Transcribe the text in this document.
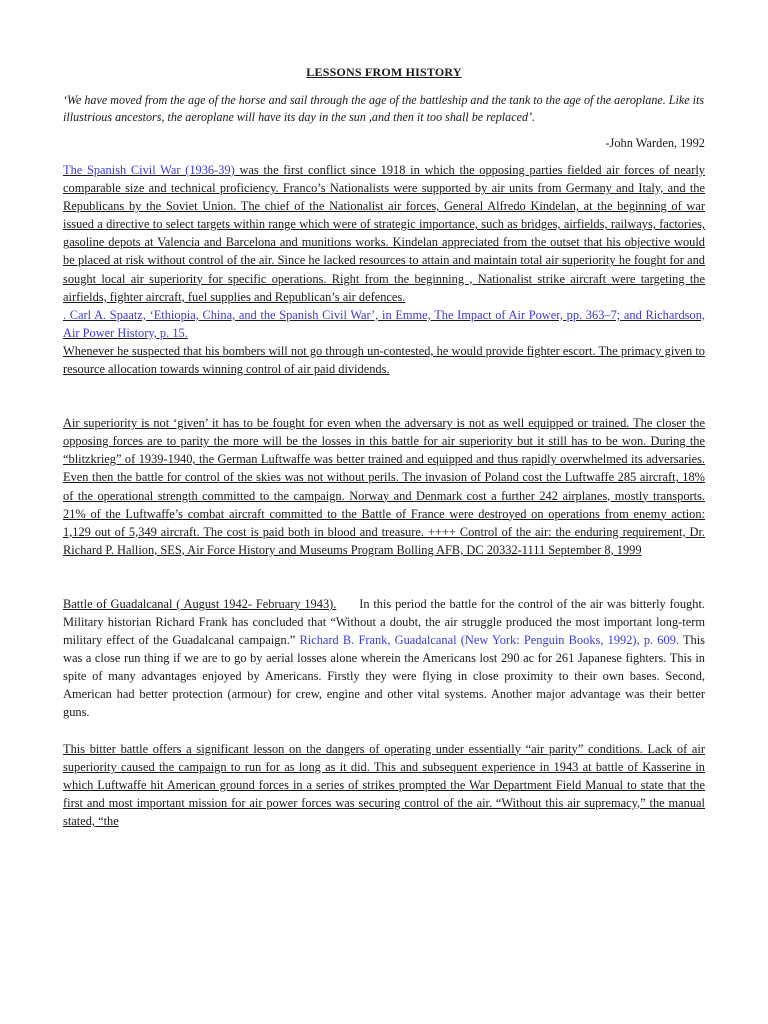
LESSONS FROM HISTORY

‘We have moved from the age of the horse and sail through the age of the battleship and the tank to the age of the aeroplane. Like its illustrious ancestors, the aeroplane will have its day in the sun ,and then it too shall be replaced’.

-John Warden, 1992

The Spanish Civil War (1936-39) was the first conflict since 1918 in which the opposing parties fielded air forces of nearly comparable size and technical proficiency. Franco’s Nationalists were supported by air units from Germany and Italy, and the Republicans by the Soviet Union. The chief of the Nationalist air forces, General Alfredo Kindelan, at the beginning of war issued a directive to select targets within range which were of strategic importance, such as bridges, airfields, railways, factories, gasoline depots at Valencia and Barcelona and munitions works. Kindelan appreciated from the outset that his objective would be placed at risk without control of the air. Since he lacked resources to attain and maintain total air superiority he fought for and sought local air superiority for specific operations. Right from the beginning , Nationalist strike aircraft were targeting the airfields, fighter aircraft, fuel supplies and Republican’s air defences.
. Carl A. Spaatz, ‘Ethiopia, China, and the Spanish Civil War’, in Emme, The Impact of Air Power, pp. 363–7; and Richardson, Air Power History, p. 15.
Whenever he suspected that his bombers will not go through un-contested, he would provide fighter escort. The primacy given to resource allocation towards winning control of air paid dividends.

Air superiority is not ‘given’ it has to be fought for even when the adversary is not as well equipped or trained. The closer the opposing forces are to parity the more will be the losses in this battle for air superiority but it still has to be won. During the “blitzkrieg” of 1939-1940, the German Luftwaffe was better trained and equipped and thus rapidly overwhelmed its adversaries. Even then the battle for control of the skies was not without perils. The invasion of Poland cost the Luftwaffe 285 aircraft, 18% of the operational strength committed to the campaign. Norway and Denmark cost a further 242 airplanes, mostly transports. 21% of the Luftwaffe’s combat aircraft committed to the Battle of France were destroyed on operations from enemy action: 1,129 out of 5,349 aircraft. The cost is paid both in blood and treasure. ++++ Control of the air: the enduring requirement, Dr. Richard P. Hallion, SES, Air Force History and Museums Program Bolling AFB, DC 20332-1111 September 8, 1999

Battle of Guadalcanal ( August 1942- February 1943).      In this period the battle for the control of the air was bitterly fought. Military historian Richard Frank has concluded that “Without a doubt, the air struggle produced the most important long-term military effect of the Guadalcanal campaign.” Richard B. Frank, Guadalcanal (New York: Penguin Books, 1992), p. 609. This was a close run thing if we are to go by aerial losses alone wherein the Americans lost 290 ac for 261 Japanese fighters. This in spite of many advantages enjoyed by Americans. Firstly they were flying in close proximity to their own bases. Second, American had better protection (armour) for crew, engine and other vital systems. Another major advantage was their better guns.

This bitter battle offers a significant lesson on the dangers of operating under essentially “air parity” conditions. Lack of air superiority caused the campaign to run for as long as it did. This and subsequent experience in 1943 at battle of Kasserine in which Luftwaffe hit American ground forces in a series of strikes prompted the War Department Field Manual to state that the first and most important mission for air power forces was securing control of the air. “Without this air supremacy,” the manual stated, “the
